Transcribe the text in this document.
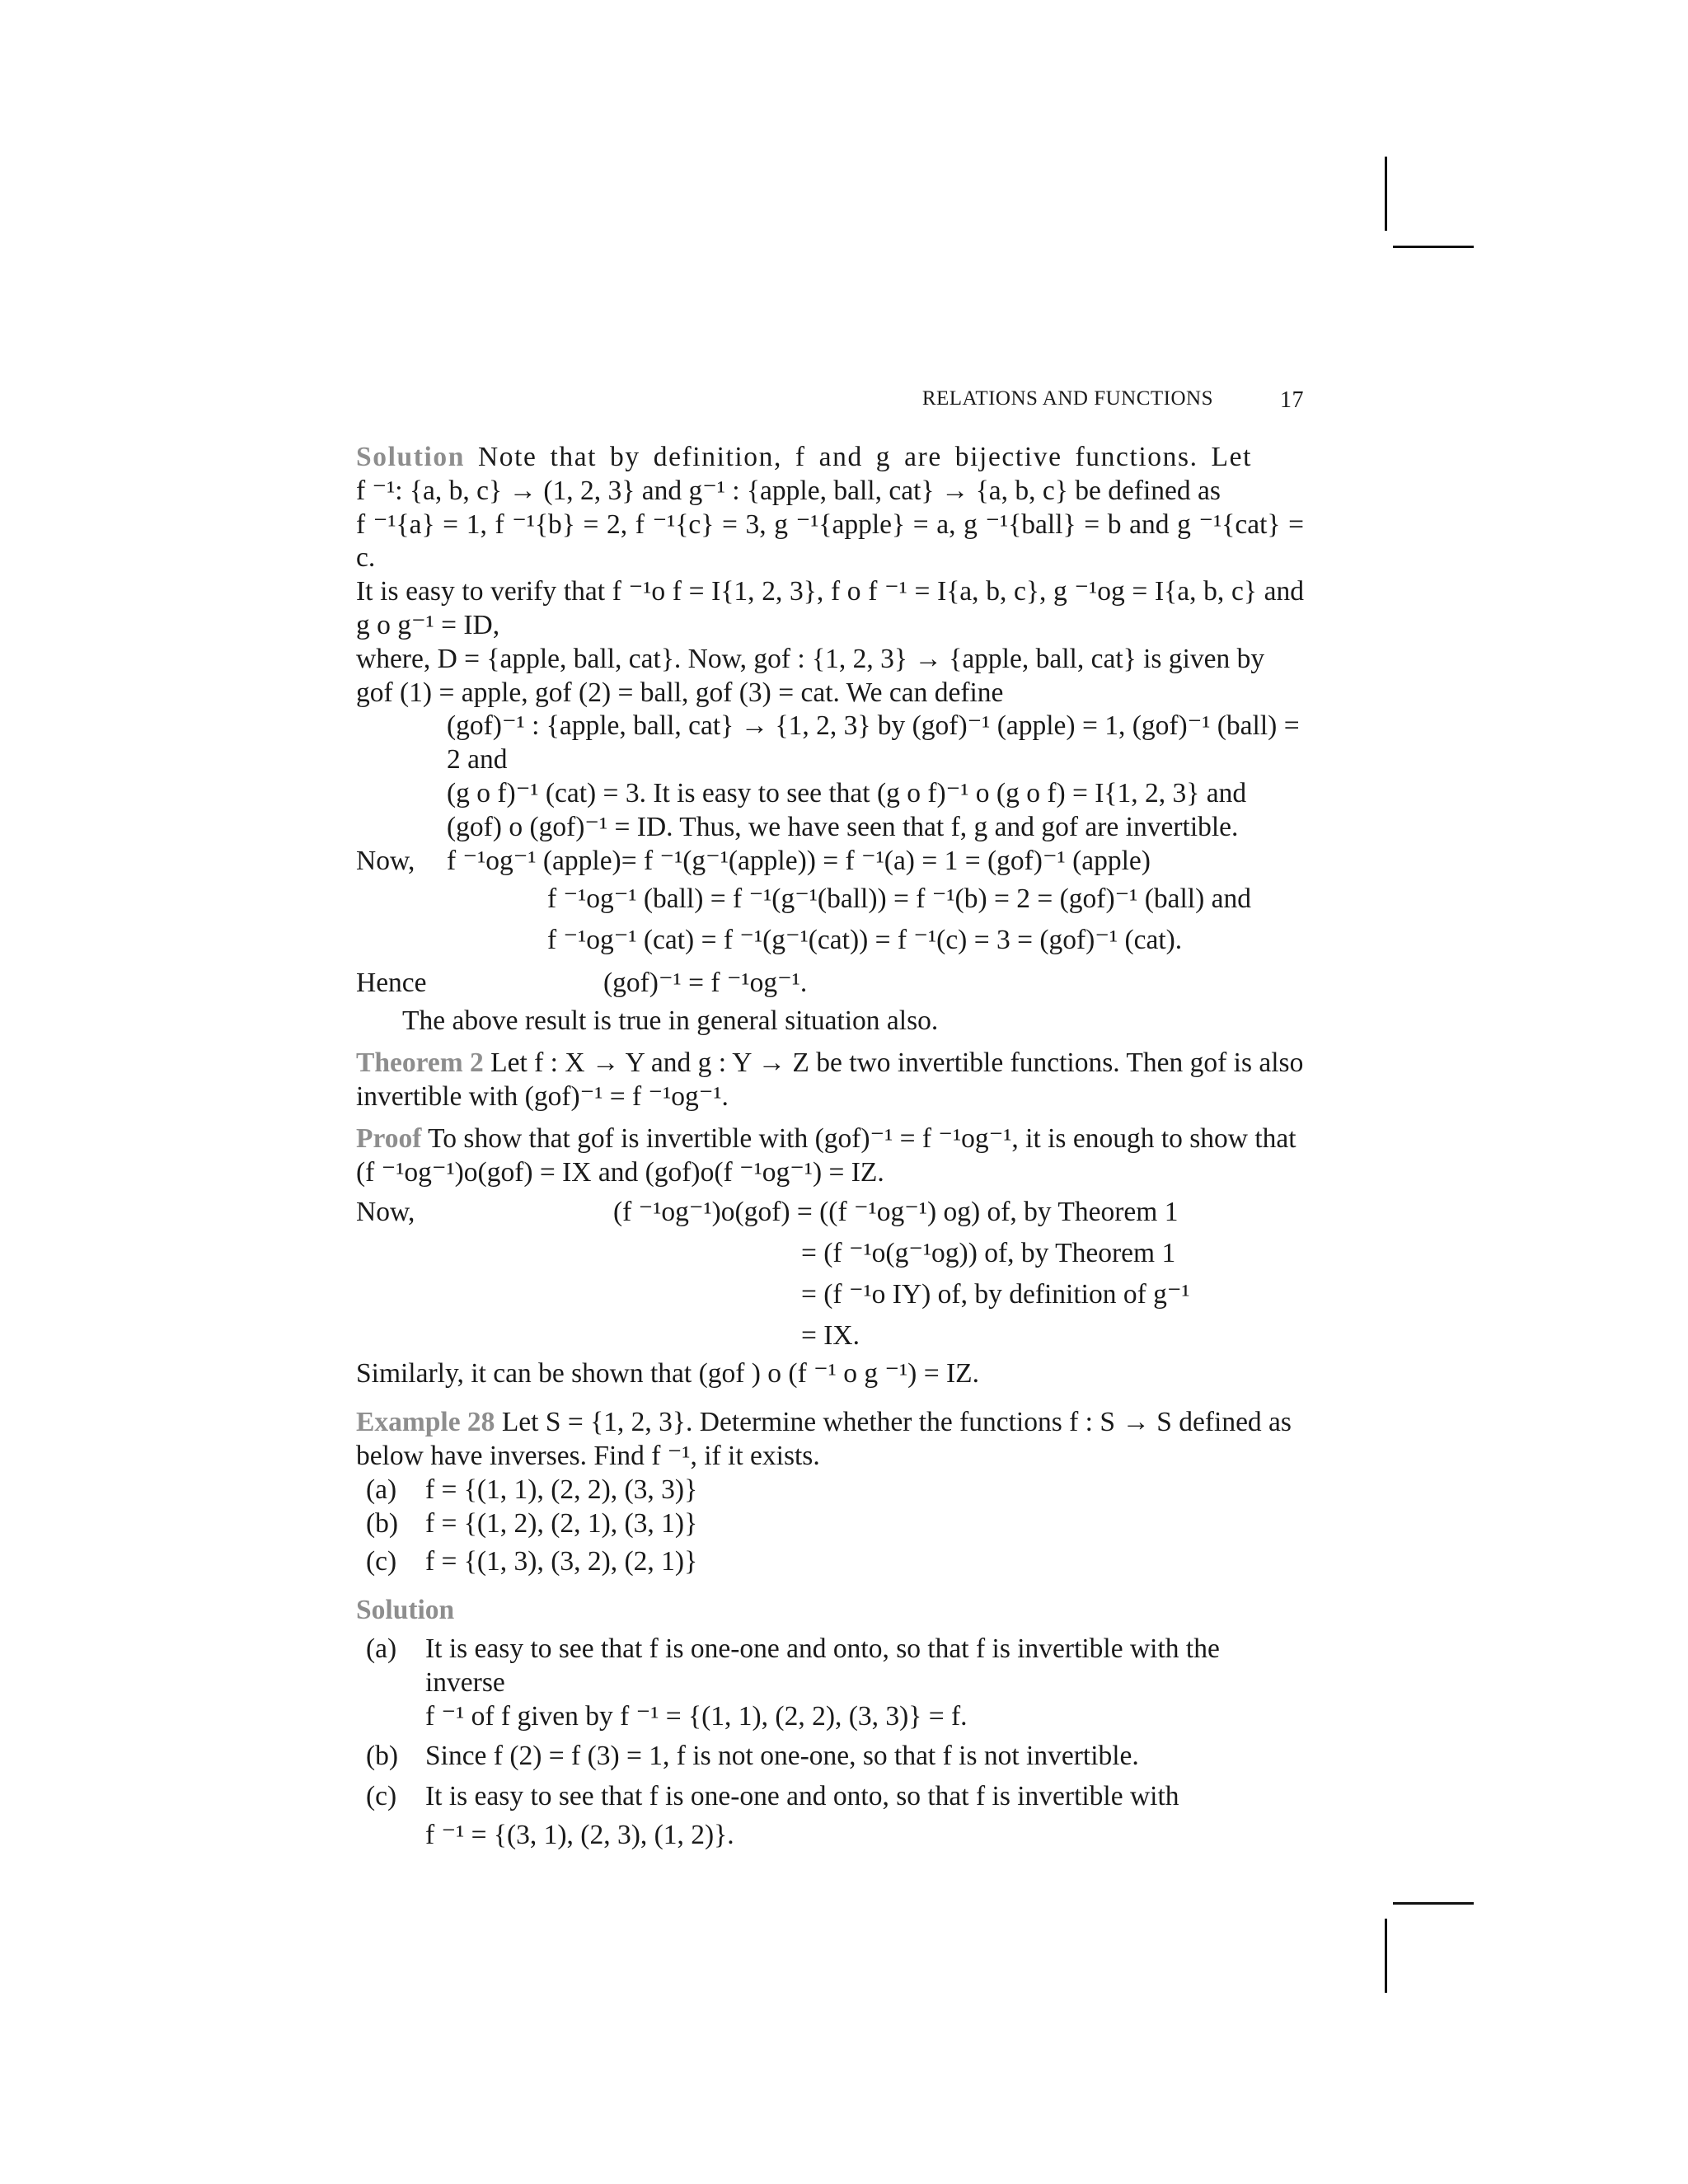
RELATIONS AND FUNCTIONS	17

Solution Note that by definition, f and g are bijective functions. Let

f ⁻¹: {a, b, c} → (1, 2, 3} and g⁻¹ : {apple, ball, cat} → {a, b, c} be defined as

f ⁻¹{a} = 1, f ⁻¹{b} = 2, f ⁻¹{c} = 3, g ⁻¹{apple} = a, g ⁻¹{ball} = b and g ⁻¹{cat} = c.

It is easy to verify that f ⁻¹o f = I{1, 2, 3}, f o f ⁻¹ = I{a, b, c}, g ⁻¹og = I{a, b, c} and g o g⁻¹ = ID,

where, D = {apple, ball, cat}. Now, gof : {1, 2, 3} → {apple, ball, cat} is given by

gof (1) = apple, gof (2) = ball, gof (3) = cat. We can define

(gof)⁻¹ : {apple, ball, cat} → {1, 2, 3} by (gof)⁻¹ (apple) = 1, (gof)⁻¹ (ball) = 2 and

(g o f)⁻¹ (cat) = 3. It is easy to see that (g o f)⁻¹ o (g o f) = I{1, 2, 3} and

(gof) o (gof)⁻¹ = ID. Thus, we have seen that f, g and gof are invertible.

Now, f ⁻¹og⁻¹ (apple)= f ⁻¹(g⁻¹(apple)) = f ⁻¹(a) = 1 = (gof)⁻¹ (apple)
f ⁻¹og⁻¹ (ball) = f ⁻¹(g⁻¹(ball)) = f ⁻¹(b) = 2 = (gof)⁻¹ (ball) and
f ⁻¹og⁻¹ (cat) = f ⁻¹(g⁻¹(cat)) = f ⁻¹(c) = 3 = (gof)⁻¹ (cat).
Hence	(gof)⁻¹ = f ⁻¹og⁻¹.

The above result is true in general situation also.

Theorem 2 Let f : X → Y and g : Y → Z be two invertible functions. Then gof is also

invertible with (gof)⁻¹ = f ⁻¹og⁻¹.

Proof To show that gof is invertible with (gof)⁻¹ = f ⁻¹og⁻¹, it is enough to show that

(f ⁻¹og⁻¹)o(gof) = IX and (gof)o(f ⁻¹og⁻¹) = IZ.

Now,	(f ⁻¹og⁻¹)o(gof) = ((f ⁻¹og⁻¹) og) of, by Theorem 1
= (f ⁻¹o(g⁻¹og)) of, by Theorem 1
= (f ⁻¹o IY) of, by definition of g⁻¹
= IX.

Similarly, it can be shown that (gof ) o (f ⁻¹ o g ⁻¹) = IZ.

Example 28 Let S = {1, 2, 3}. Determine whether the functions f : S → S defined as

below have inverses. Find f ⁻¹, if it exists.

(a)	f = {(1, 1), (2, 2), (3, 3)}
(b) f = {(1, 2), (2, 1), (3, 1)}
(c)	f = {(1, 3), (3, 2), (2, 1)}

Solution

(a)	It is easy to see that f is one-one and onto, so that f is invertible with the inverse

f ⁻¹ of f given by f ⁻¹ = {(1, 1), (2, 2), (3, 3)} = f.

(b) Since f (2) = f (3) = 1, f is not one-one, so that f is not invertible.
(c)	It is easy to see that f is one-one and onto, so that f is invertible with

f ⁻¹ = {(3, 1), (2, 3), (1, 2)}.
